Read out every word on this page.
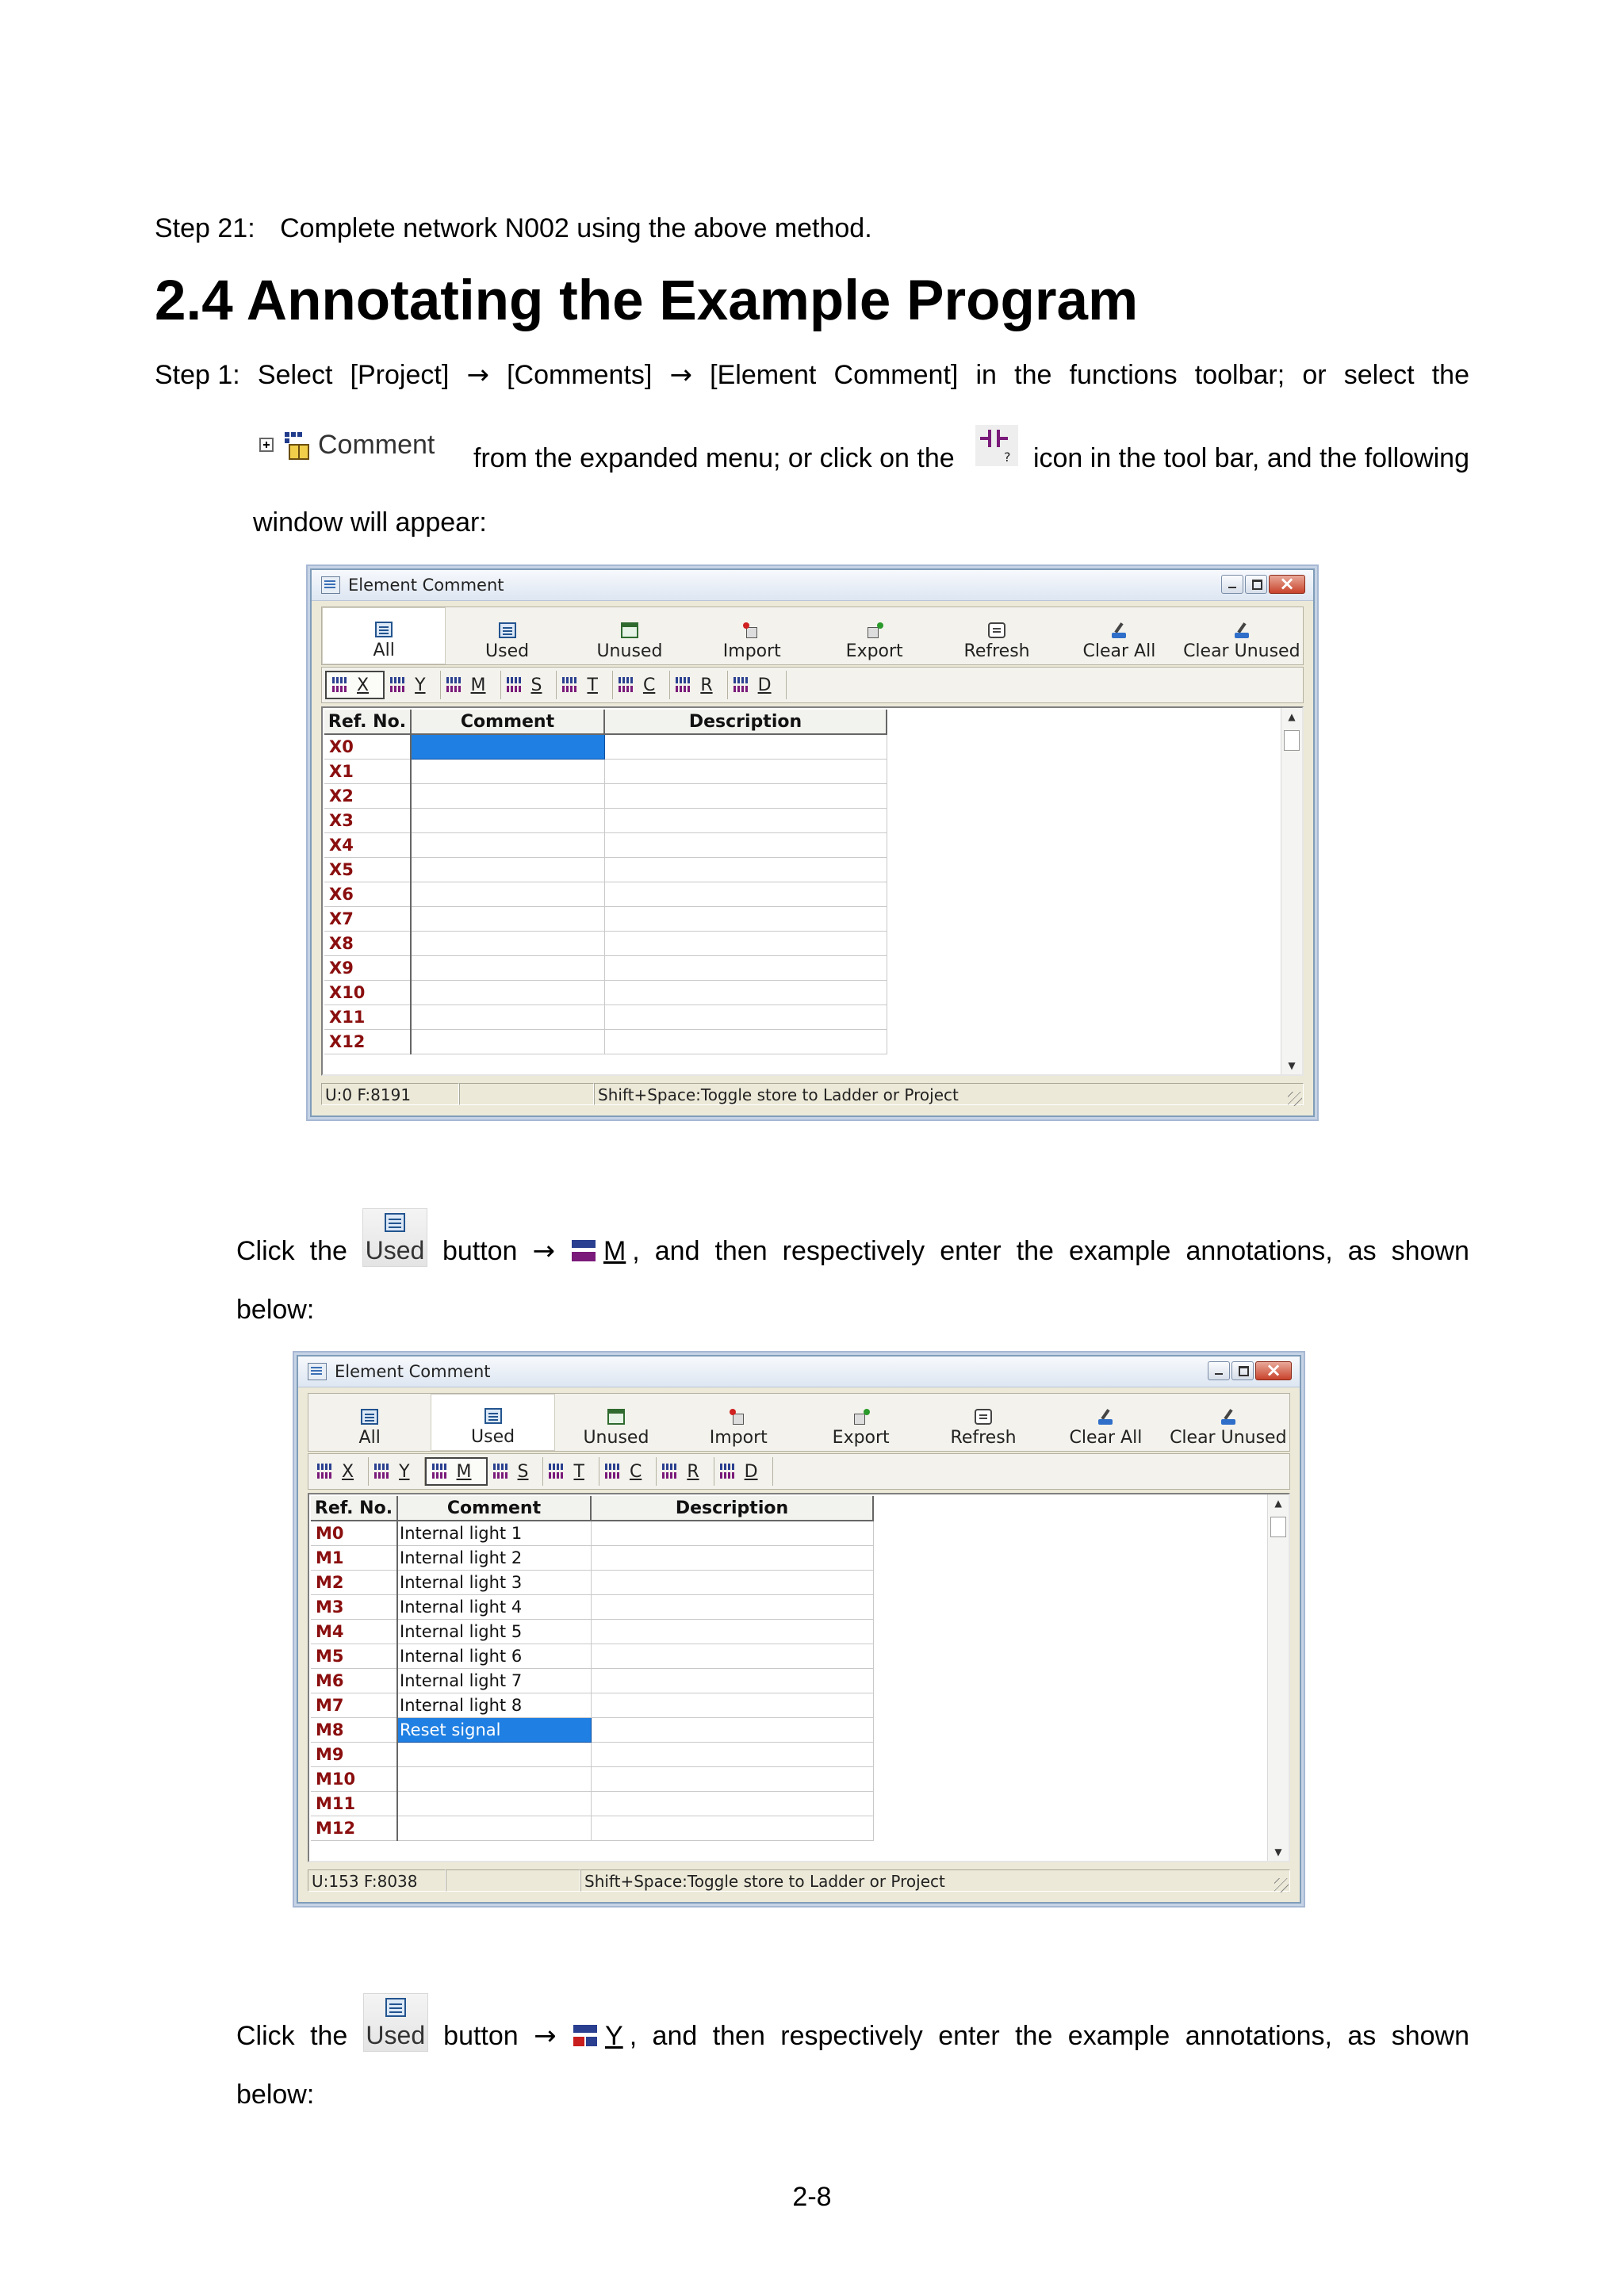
Step 21: Complete network N002 using the above method.
2.4 Annotating the Example Program
Step 1: Select [Project] → [Comments] → [Element Comment] in the functions toolbar; or select the
Comment from the expanded menu; or click on the	? icon in the tool bar, and the following
window will appear:
Element Comment
×
All	Used	Unused	Import	Export	Refresh	Clear All Clear Unused
X	Y	M	S	T	C	R	D
Ref. No.	Comment	Description
X0		
X1		
X2		
X3		
X4		
X5		
X6		
X7		
X8		
X9		
X10		
X11		
X12		
▲
▼
U:0 F:8191	Shift+Space:Toggle store to Ladder or Project
Click the Used button → M , and then respectively enter the example annotations, as shown
below:
Element Comment
×
All	Used	Unused	Import	Export	Refresh	Clear All Clear Unused
X	Y	M	S	T	C	R	D
Ref. No.	Comment	Description
M0	Internal light 1	
M1	Internal light 2	
M2	Internal light 3	
M3	Internal light 4	
M4	Internal light 5	
M5	Internal light 6	
M6	Internal light 7	
M7	Internal light 8	
M8	Reset signal	
M9		
M10		
M11		
M12		
▲
▼
U:153 F:8038	Shift+Space:Toggle store to Ladder or Project
Click the Used button → Y , and then respectively enter the example annotations, as shown
below:
2-8
